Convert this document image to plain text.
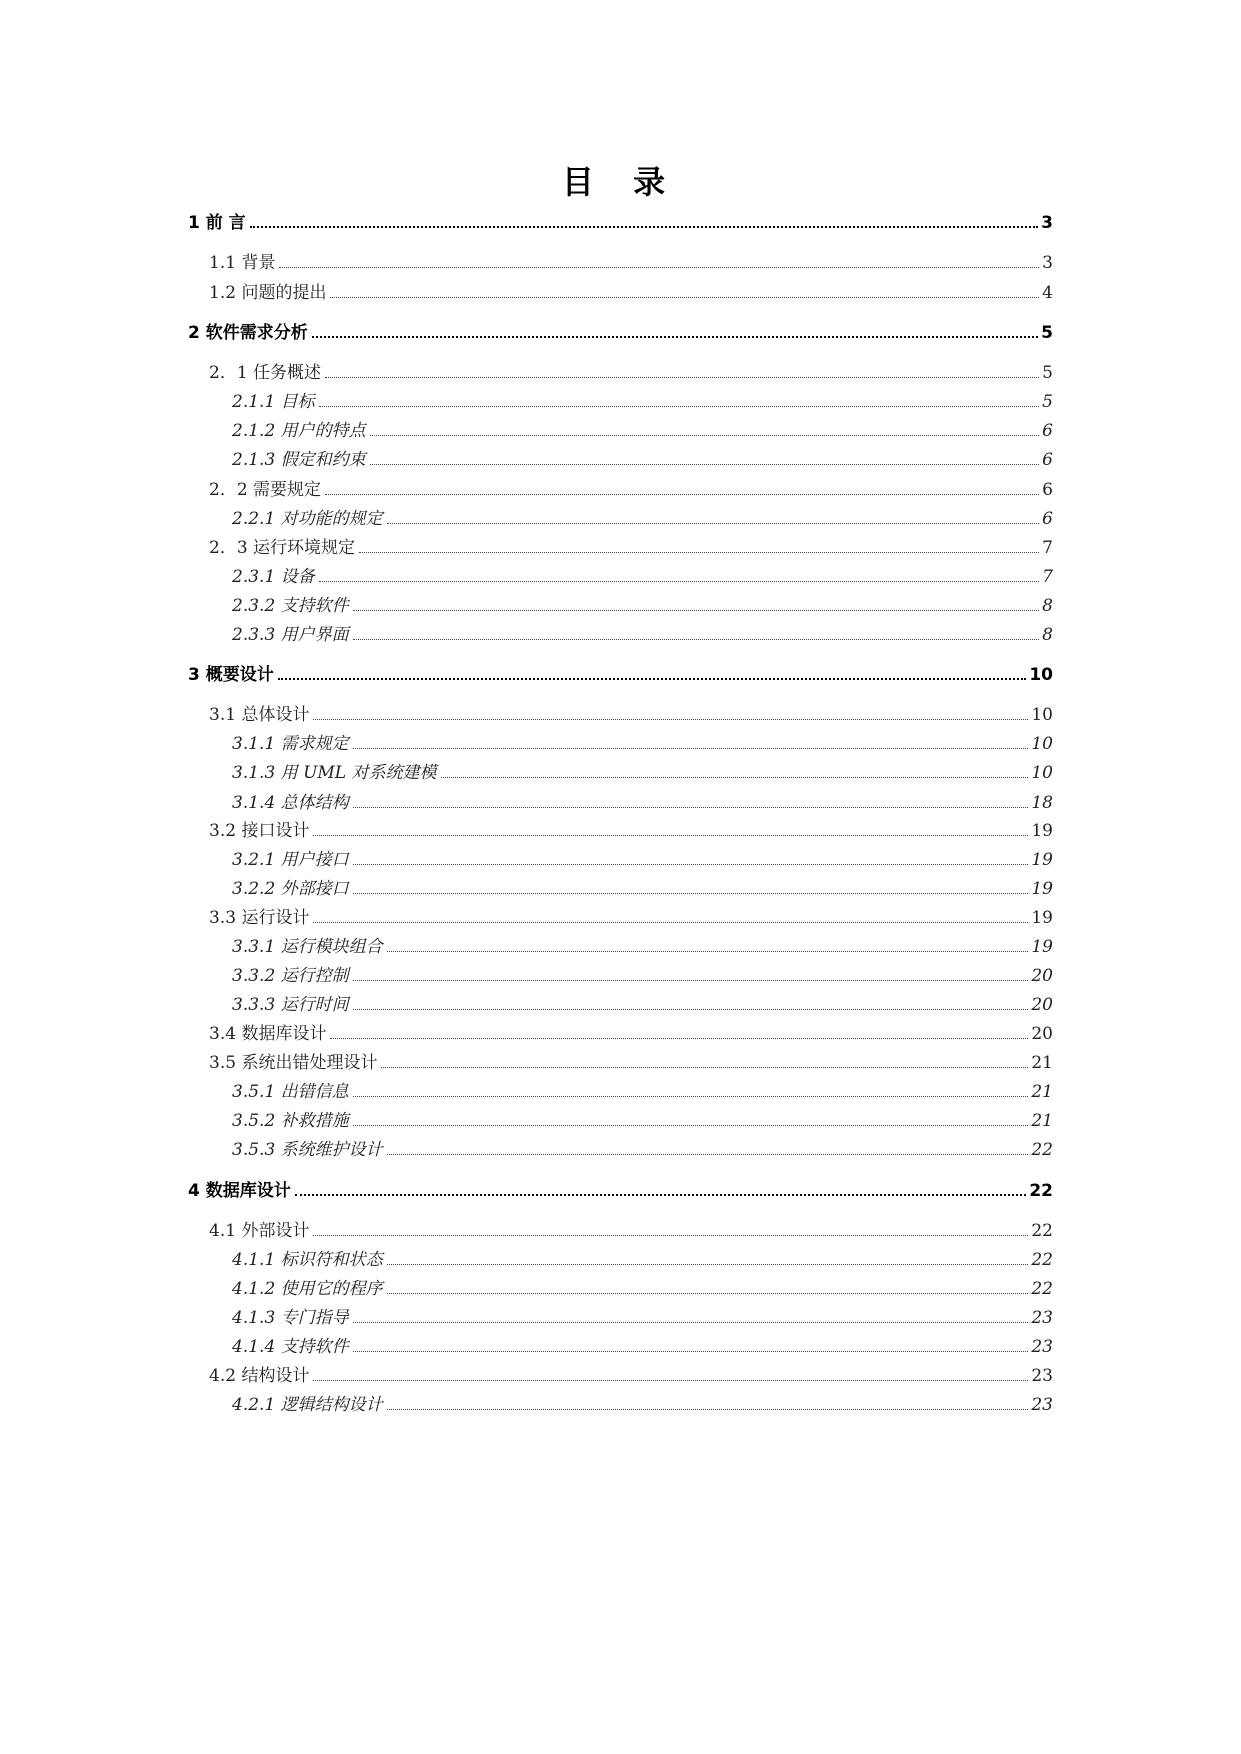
目 录
1 前 言	3
1.1 背景	3
1.2 问题的提出	4
2 软件需求分析	5
2．1 任务概述	5
2.1.1 目标	5
2.1.2 用户的特点	6
2.1.3 假定和约束	6
2．2 需要规定	6
2.2.1 对功能的规定	6
2．3 运行环境规定	7
2.3.1 设备	7
2.3.2 支持软件	8
2.3.3 用户界面	8
3 概要设计	10
3.1 总体设计	10
3.1.1 需求规定	10
3.1.3 用 UML 对系统建模	10
3.1.4 总体结构	18
3.2 接口设计	19
3.2.1 用户接口	19
3.2.2 外部接口	19
3.3 运行设计	19
3.3.1 运行模块组合	19
3.3.2 运行控制	20
3.3.3 运行时间	20
3.4 数据库设计	20
3.5 系统出错处理设计	21
3.5.1 出错信息	21
3.5.2 补救措施	21
3.5.3 系统维护设计	22
4 数据库设计	22
4.1 外部设计	22
4.1.1 标识符和状态	22
4.1.2 使用它的程序	22
4.1.3 专门指导	23
4.1.4 支持软件	23
4.2 结构设计	23
4.2.1 逻辑结构设计	23
